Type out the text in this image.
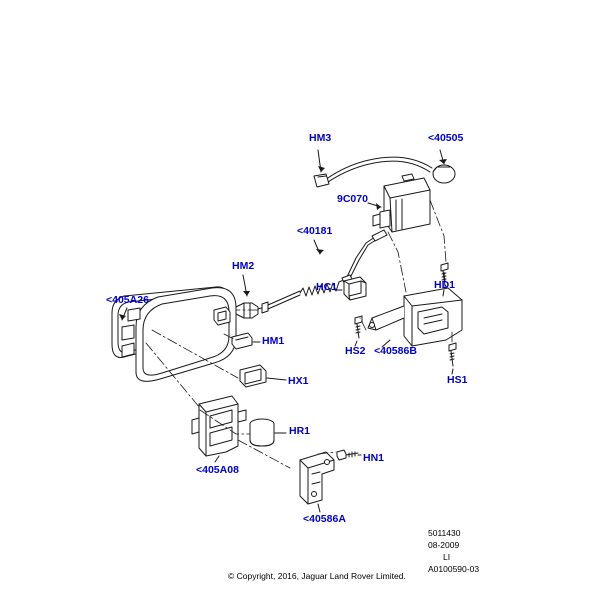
HM3	<40505
9C070
<40181
HM2
HC1	HD1
<405A26
HM1
HS2 <40586B
HS1
HX1
HR1
HN1
<405A08
<40586A
5011430
08-2009
LI
A0100590-03
© Copyright, 2016, Jaguar Land Rover Limited.
